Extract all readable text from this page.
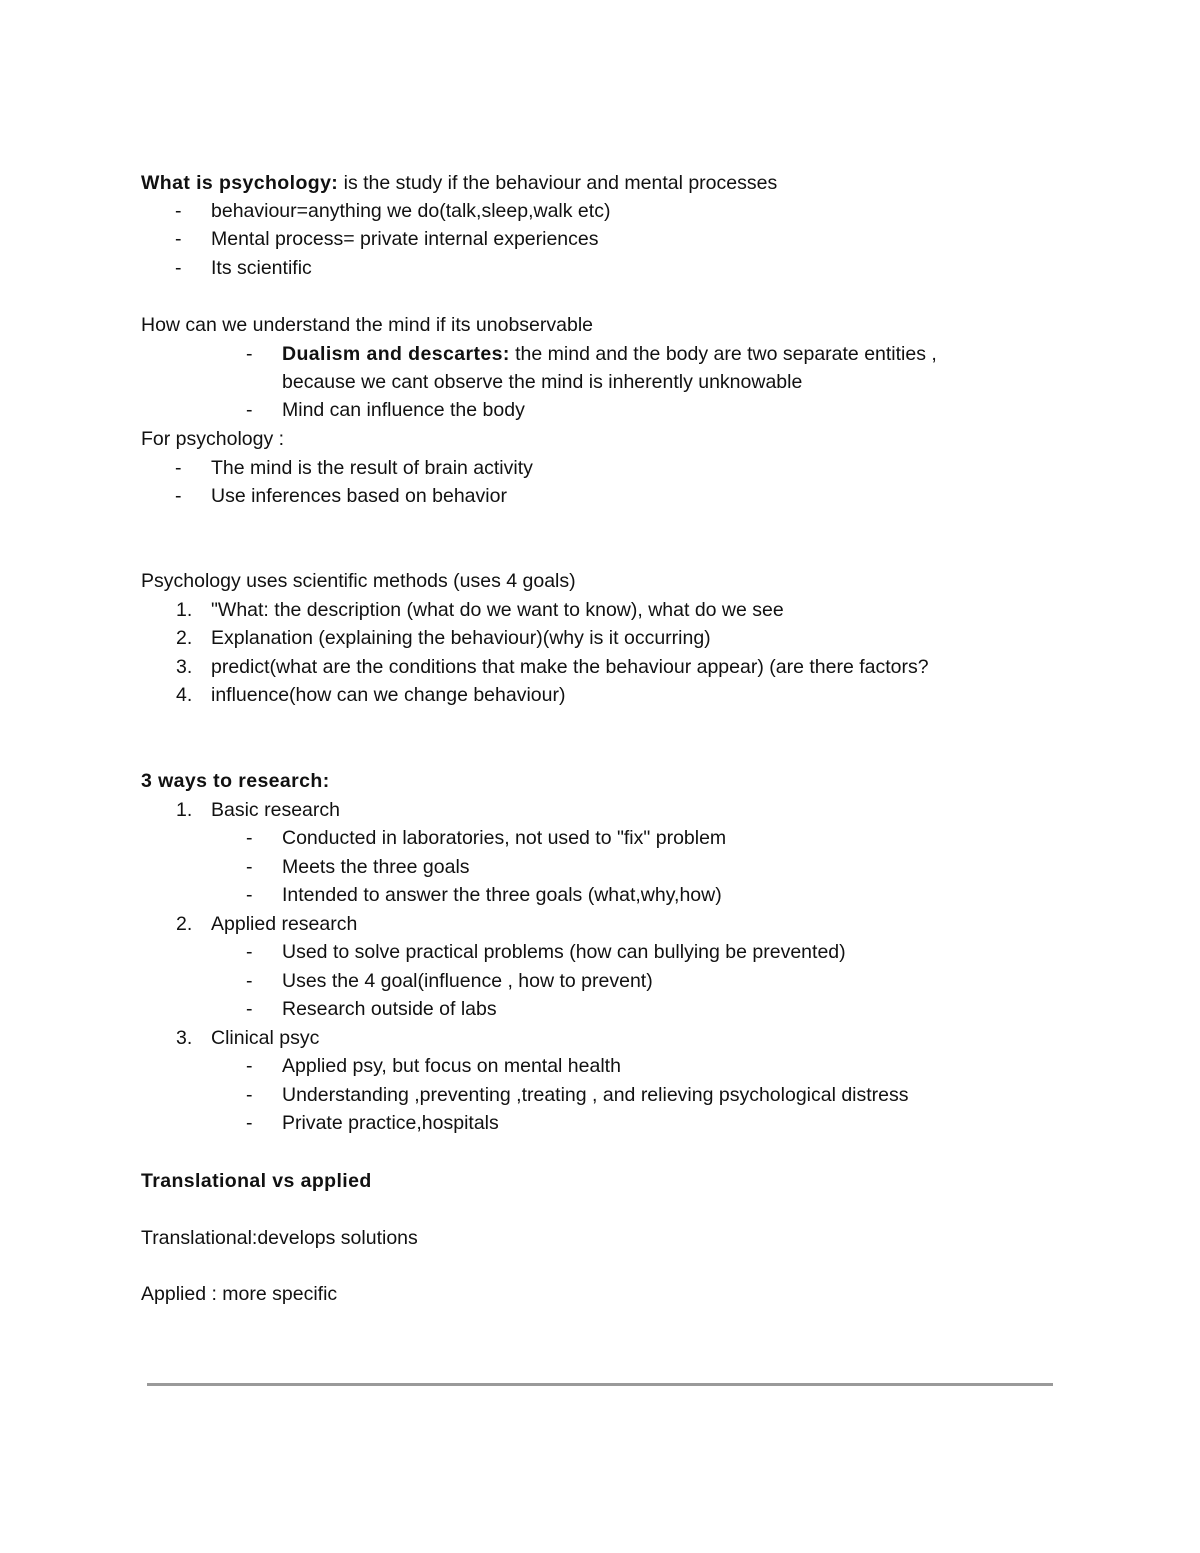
What is psychology: is the study if the behaviour and mental processes
- behaviour=anything we do(talk,sleep,walk etc)
- Mental process= private internal experiences
- Its scientific
How can we understand the mind if its unobservable
- Dualism and descartes: the mind and the body are two separate entities ,
because we cant observe the mind is inherently unknowable
- Mind can influence the body
For psychology :
- The mind is the result of brain activity
- Use inferences based on behavior
Psychology uses scientific methods (uses 4 goals)
1. "What: the description (what do we want to know), what do we see
2. Explanation (explaining the behaviour)(why is it occurring)
3. predict(what are the conditions that make the behaviour appear) (are there factors?
4. influence(how can we change behaviour)
3 ways to research:
1. Basic research
- Conducted in laboratories, not used to "fix" problem
- Meets the three goals
- Intended to answer the three goals (what,why,how)
2. Applied research
- Used to solve practical problems (how can bullying be prevented)
- Uses the 4 goal(influence , how to prevent)
- Research outside of labs
3. Clinical psyc
- Applied psy, but focus on mental health
- Understanding ,preventing ,treating , and relieving psychological distress
- Private practice,hospitals
Translational vs applied
Translational:develops solutions
Applied : more specific
